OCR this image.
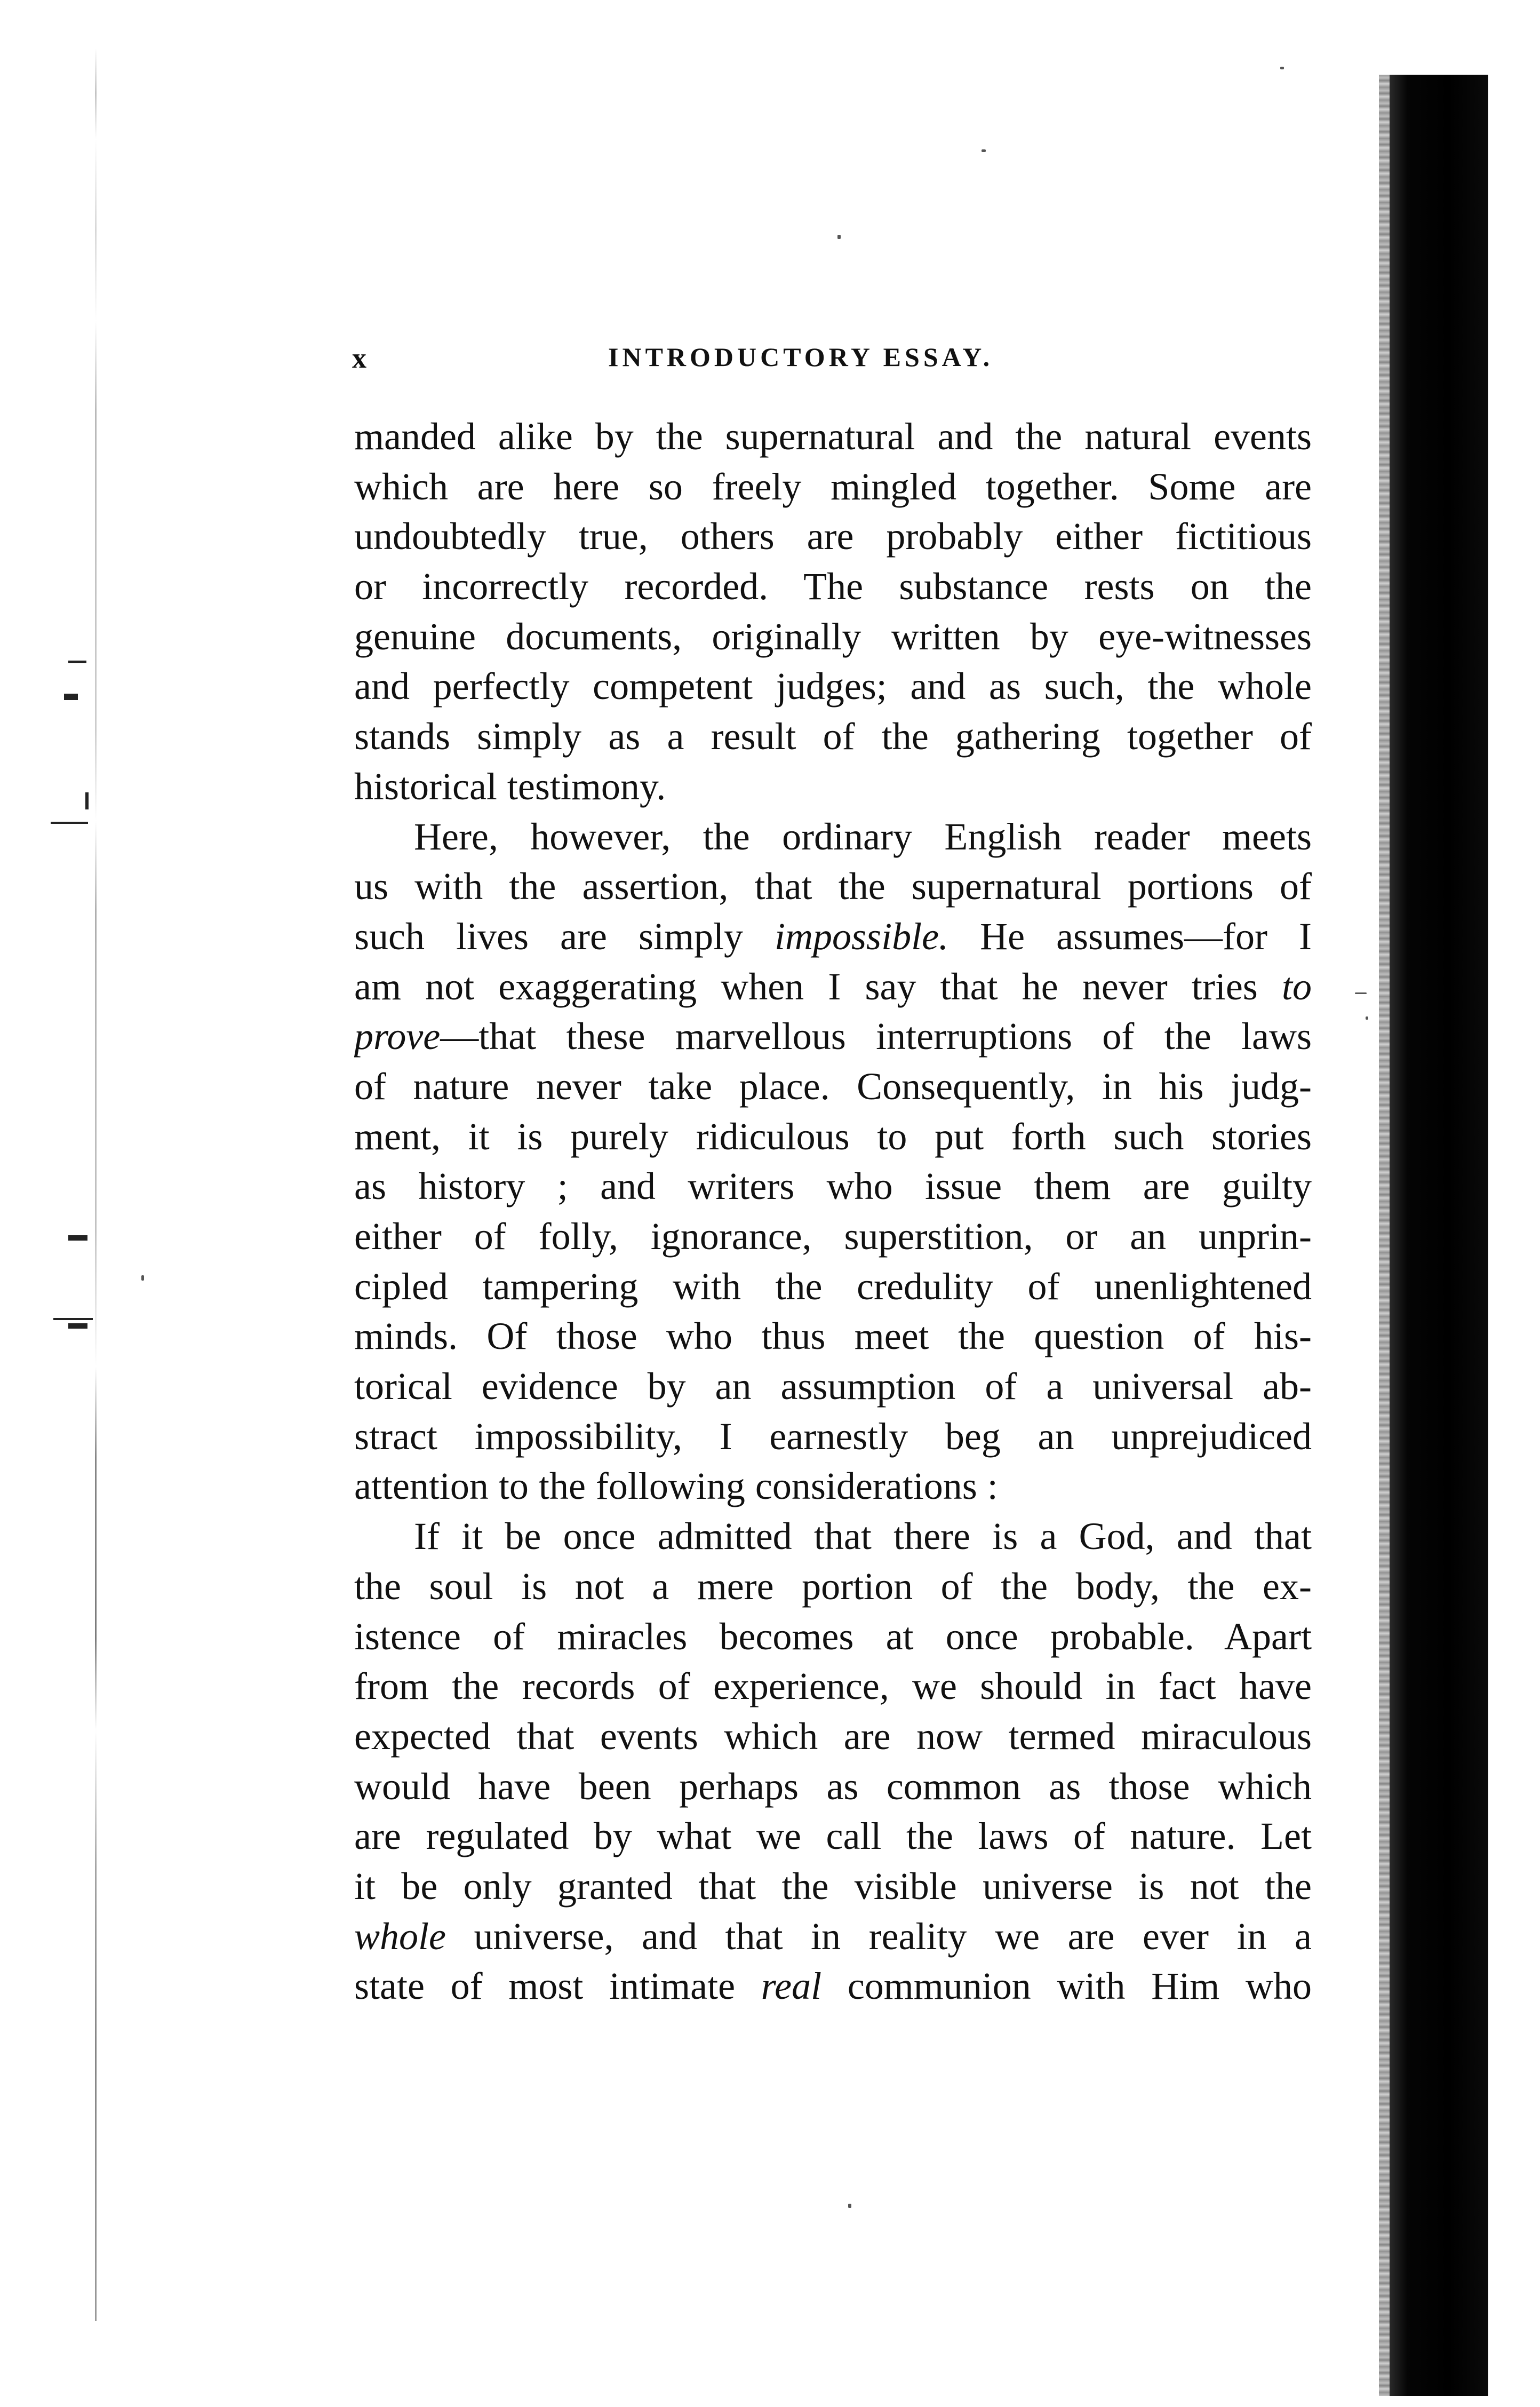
x	INTRODUCTORY ESSAY.
manded alike by the supernatural and the natural events
which are here so freely mingled together. Some are
undoubtedly true, others are probably either fictitious
or incorrectly recorded. The substance rests on the
genuine documents, originally written by eye-witnesses
and perfectly competent judges; and as such, the whole
stands simply as a result of the gathering together of
historical testimony.
Here, however, the ordinary English reader meets
us with the assertion, that the supernatural portions of
such lives are simply impossible. He assumes—for I
am not exaggerating when I say that he never tries to
prove—that these marvellous interruptions of the laws
of nature never take place. Consequently, in his judg-
ment, it is purely ridiculous to put forth such stories
as history ; and writers who issue them are guilty
either of folly, ignorance, superstition, or an unprin-
cipled tampering with the credulity of unenlightened
minds. Of those who thus meet the question of his-
torical evidence by an assumption of a universal ab-
stract impossibility, I earnestly beg an unprejudiced
attention to the following considerations :
If it be once admitted that there is a God, and that
the soul is not a mere portion of the body, the ex-
istence of miracles becomes at once probable. Apart
from the records of experience, we should in fact have
expected that events which are now termed miraculous
would have been perhaps as common as those which
are regulated by what we call the laws of nature. Let
it be only granted that the visible universe is not the
whole universe, and that in reality we are ever in a
state of most intimate real communion with Him who
